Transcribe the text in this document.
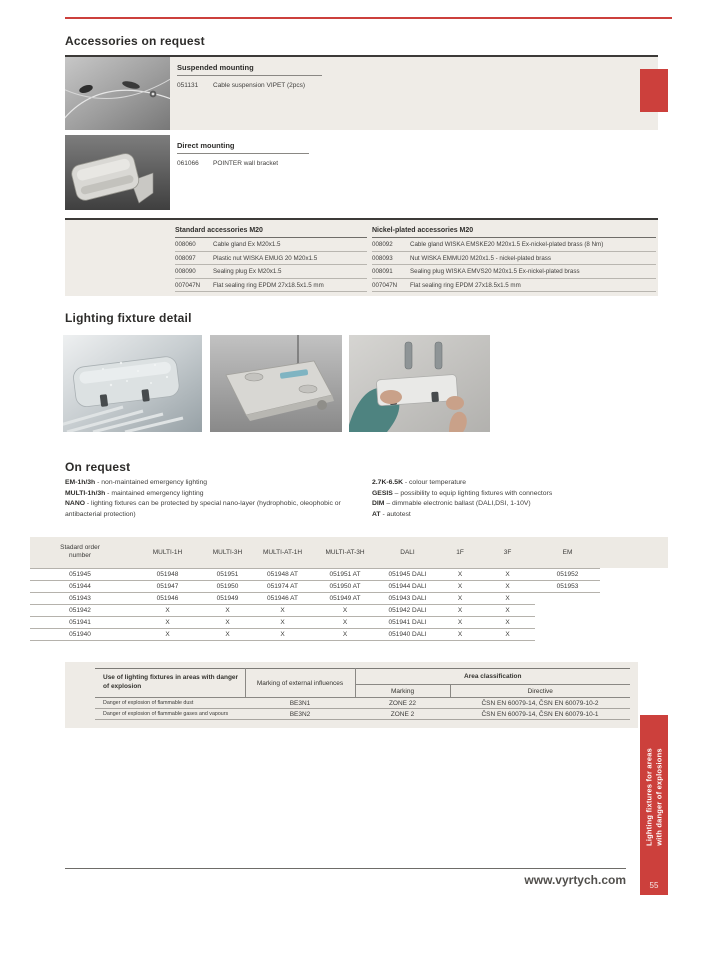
Accessories on request
Suspended mounting
051131	Cable suspension VIPET (2pcs)
Direct mounting
061066	POINTER wall bracket
Standard accessories M20
008060	Cable gland Ex M20x1.5
008097	Plastic nut WISKA EMUG 20 M20x1.5
008090	Sealing plug Ex M20x1.5
007047N	Flat sealing ring EPDM 27x18.5x1.5 mm
Nickel-plated accessories M20
008092	Cable gland WISKA EMSKE20 M20x1.5 Ex-nickel-plated brass (8 Nm)
008093	Nut WISKA EMMU20 M20x1.5 - nickel-plated brass
008091	Sealing plug WISKA EMVS20 M20x1.5 Ex-nickel-plated brass
007047N	Flat sealing ring EPDM 27x18.5x1.5 mm
Lighting fixture detail
On request
EM-1h/3h - non-maintained emergency lighting
MULTI-1h/3h - maintained emergency lighting
NANO - lighting fixtures can be protected by special nano-layer (hydrophobic, oleophobic or antibacterial protection)
2.7K-6.5K - colour temperature
GESIS – possibility to equip lighting fixtures with connectors
DIM – dimmable electronic ballast (DALI,DSI, 1-10V)
AT - autotest
Stadard order number	MULTI-1H	MULTI-3H	MULTI-AT-1H	MULTI-AT-3H	DALI	1F	3F	EM	
051945	051948	051951	051948 AT	051951 AT	051945 DALI	X	X	051952	
051944	051947	051950	051974 AT	051950 AT	051944 DALI	X	X	051953	
051943	051946	051949	051946 AT	051949 AT	051943 DALI	X	X		
051942	X	X	X	X	051942 DALI	X	X		
051941	X	X	X	X	051941 DALI	X	X		
051940	X	X	X	X	051940 DALI	X	X		
Use of lighting fixtures in areas with danger of explosion	Marking of external influences	Area classification	
		Marking	Directive
Danger of explosion of flammable dust	BE3N1	ZONE 22	ČSN EN 60079-14, ČSN EN 60079-10-2
Danger of explosion of flammable gases and vapours	BE3N2	ZONE 2	ČSN EN 60079-14, ČSN EN 60079-10-1
www.vyrtych.com
Lighting fixtures for areas
with danger of explosions
55
